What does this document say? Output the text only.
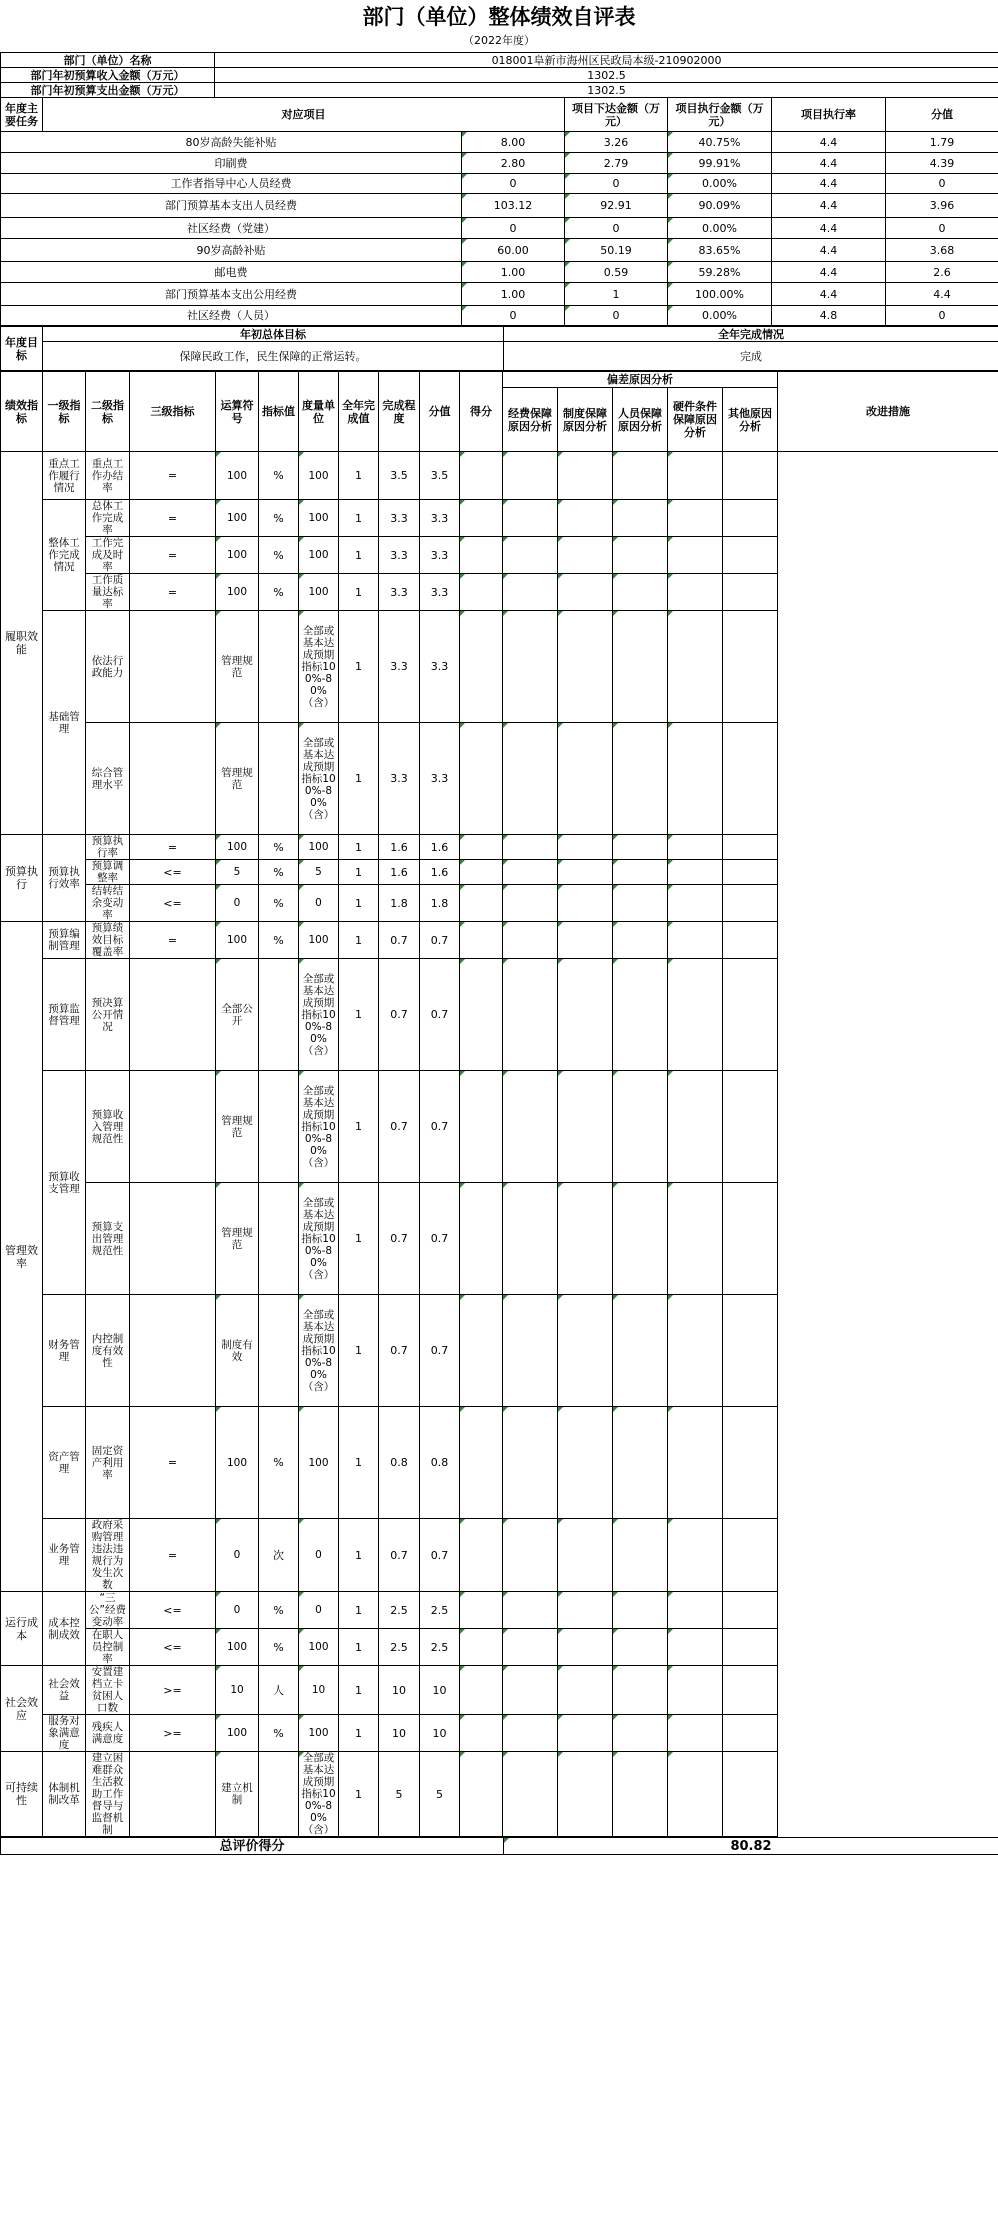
部门（单位）整体绩效自评表
（2022年度）
部门（单位）名称		018001阜新市海州区民政局本级-210902000						
部门年初预算收入金额（万元）		1302.5						
部门年初预算支出金额（万元）		1302.5						
年度主要任务	对应项目			项目下达金额（万元）	项目执行金额（万元）	项目执行率	分值	
80岁高龄失能补贴			8.00	3.26	40.75%	4.4	1.79	
印刷费			2.80	2.79	99.91%	4.4	4.39	
工作者指导中心人员经费			0	0	0.00%	4.4	0	
部门预算基本支出人员经费			103.12	92.91	90.09%	4.4	3.96	
社区经费（党建）			0	0	0.00%	4.4	0	
90岁高龄补贴			60.00	50.19	83.65%	4.4	3.68	
邮电费			1.00	0.59	59.28%	4.4	2.6	
部门预算基本支出公用经费			1.00	1	100.00%	4.4	4.4	
社区经费（人员）			0	0	0.00%	4.8	0	
年度目标	年初总体目标	全年完成情况
	保障民政工作，民生保障的正常运转。	完成
绩效指标	一级指标	二级指标	三级指标	运算符号	指标值	度量单位	全年完成值	完成程度	分值	得分	偏差原因分析					改进措施
											经费保障原因分析	制度保障原因分析	人员保障原因分析	硬件条件保障原因分析	其他原因分析	
履职效能	重点工作履行情况	重点工作办结率	=	100	%	100	1	3.5	3.5							
	整体工作完成情况	总体工作完成率	=	100	%	100	1	3.3	3.3							
		工作完成及时率	=	100	%	100	1	3.3	3.3							
		工作质量达标率	=	100	%	100	1	3.3	3.3							
	基础管理	依法行政能力		管理规范		全部或基本达成预期指标100%-80%（含）	1	3.3	3.3							
		综合管理水平		管理规范		全部或基本达成预期指标100%-80%（含）	1	3.3	3.3							
预算执行	预算执行效率	预算执行率	=	100	%	100	1	1.6	1.6							
		预算调整率	<=	5	%	5	1	1.6	1.6							
		结转结余变动率	<=	0	%	0	1	1.8	1.8							
管理效率	预算编制管理	预算绩效目标覆盖率	=	100	%	100	1	0.7	0.7							
	预算监督管理	预决算公开情况		全部公开		全部或基本达成预期指标100%-80%（含）	1	0.7	0.7							
	预算收支管理	预算收入管理规范性		管理规范		全部或基本达成预期指标100%-80%（含）	1	0.7	0.7							
		预算支出管理规范性		管理规范		全部或基本达成预期指标100%-80%（含）	1	0.7	0.7							
	财务管理	内控制度有效性		制度有效		全部或基本达成预期指标100%-80%（含）	1	0.7	0.7							
	资产管理	固定资产利用率	=	100	%	100	1	0.8	0.8							
	业务管理	政府采购管理违法违规行为发生次数	=	0	次	0	1	0.7	0.7							
运行成本	成本控制成效	“三公”经费变动率	<=	0	%	0	1	2.5	2.5							
		在职人员控制率	<=	100	%	100	1	2.5	2.5							
社会效应	社会效益	安置建档立卡贫困人口数	>=	10	人	10	1	10	10							
	服务对象满意度	残疾人满意度	>=	100	%	100	1	10	10							
可持续性	体制机制改革	建立困难群众生活救助工作督导与监督机制		建立机制		全部或基本达成预期指标100%-80%（含）	1	5	5							
总评价得分	80.82
